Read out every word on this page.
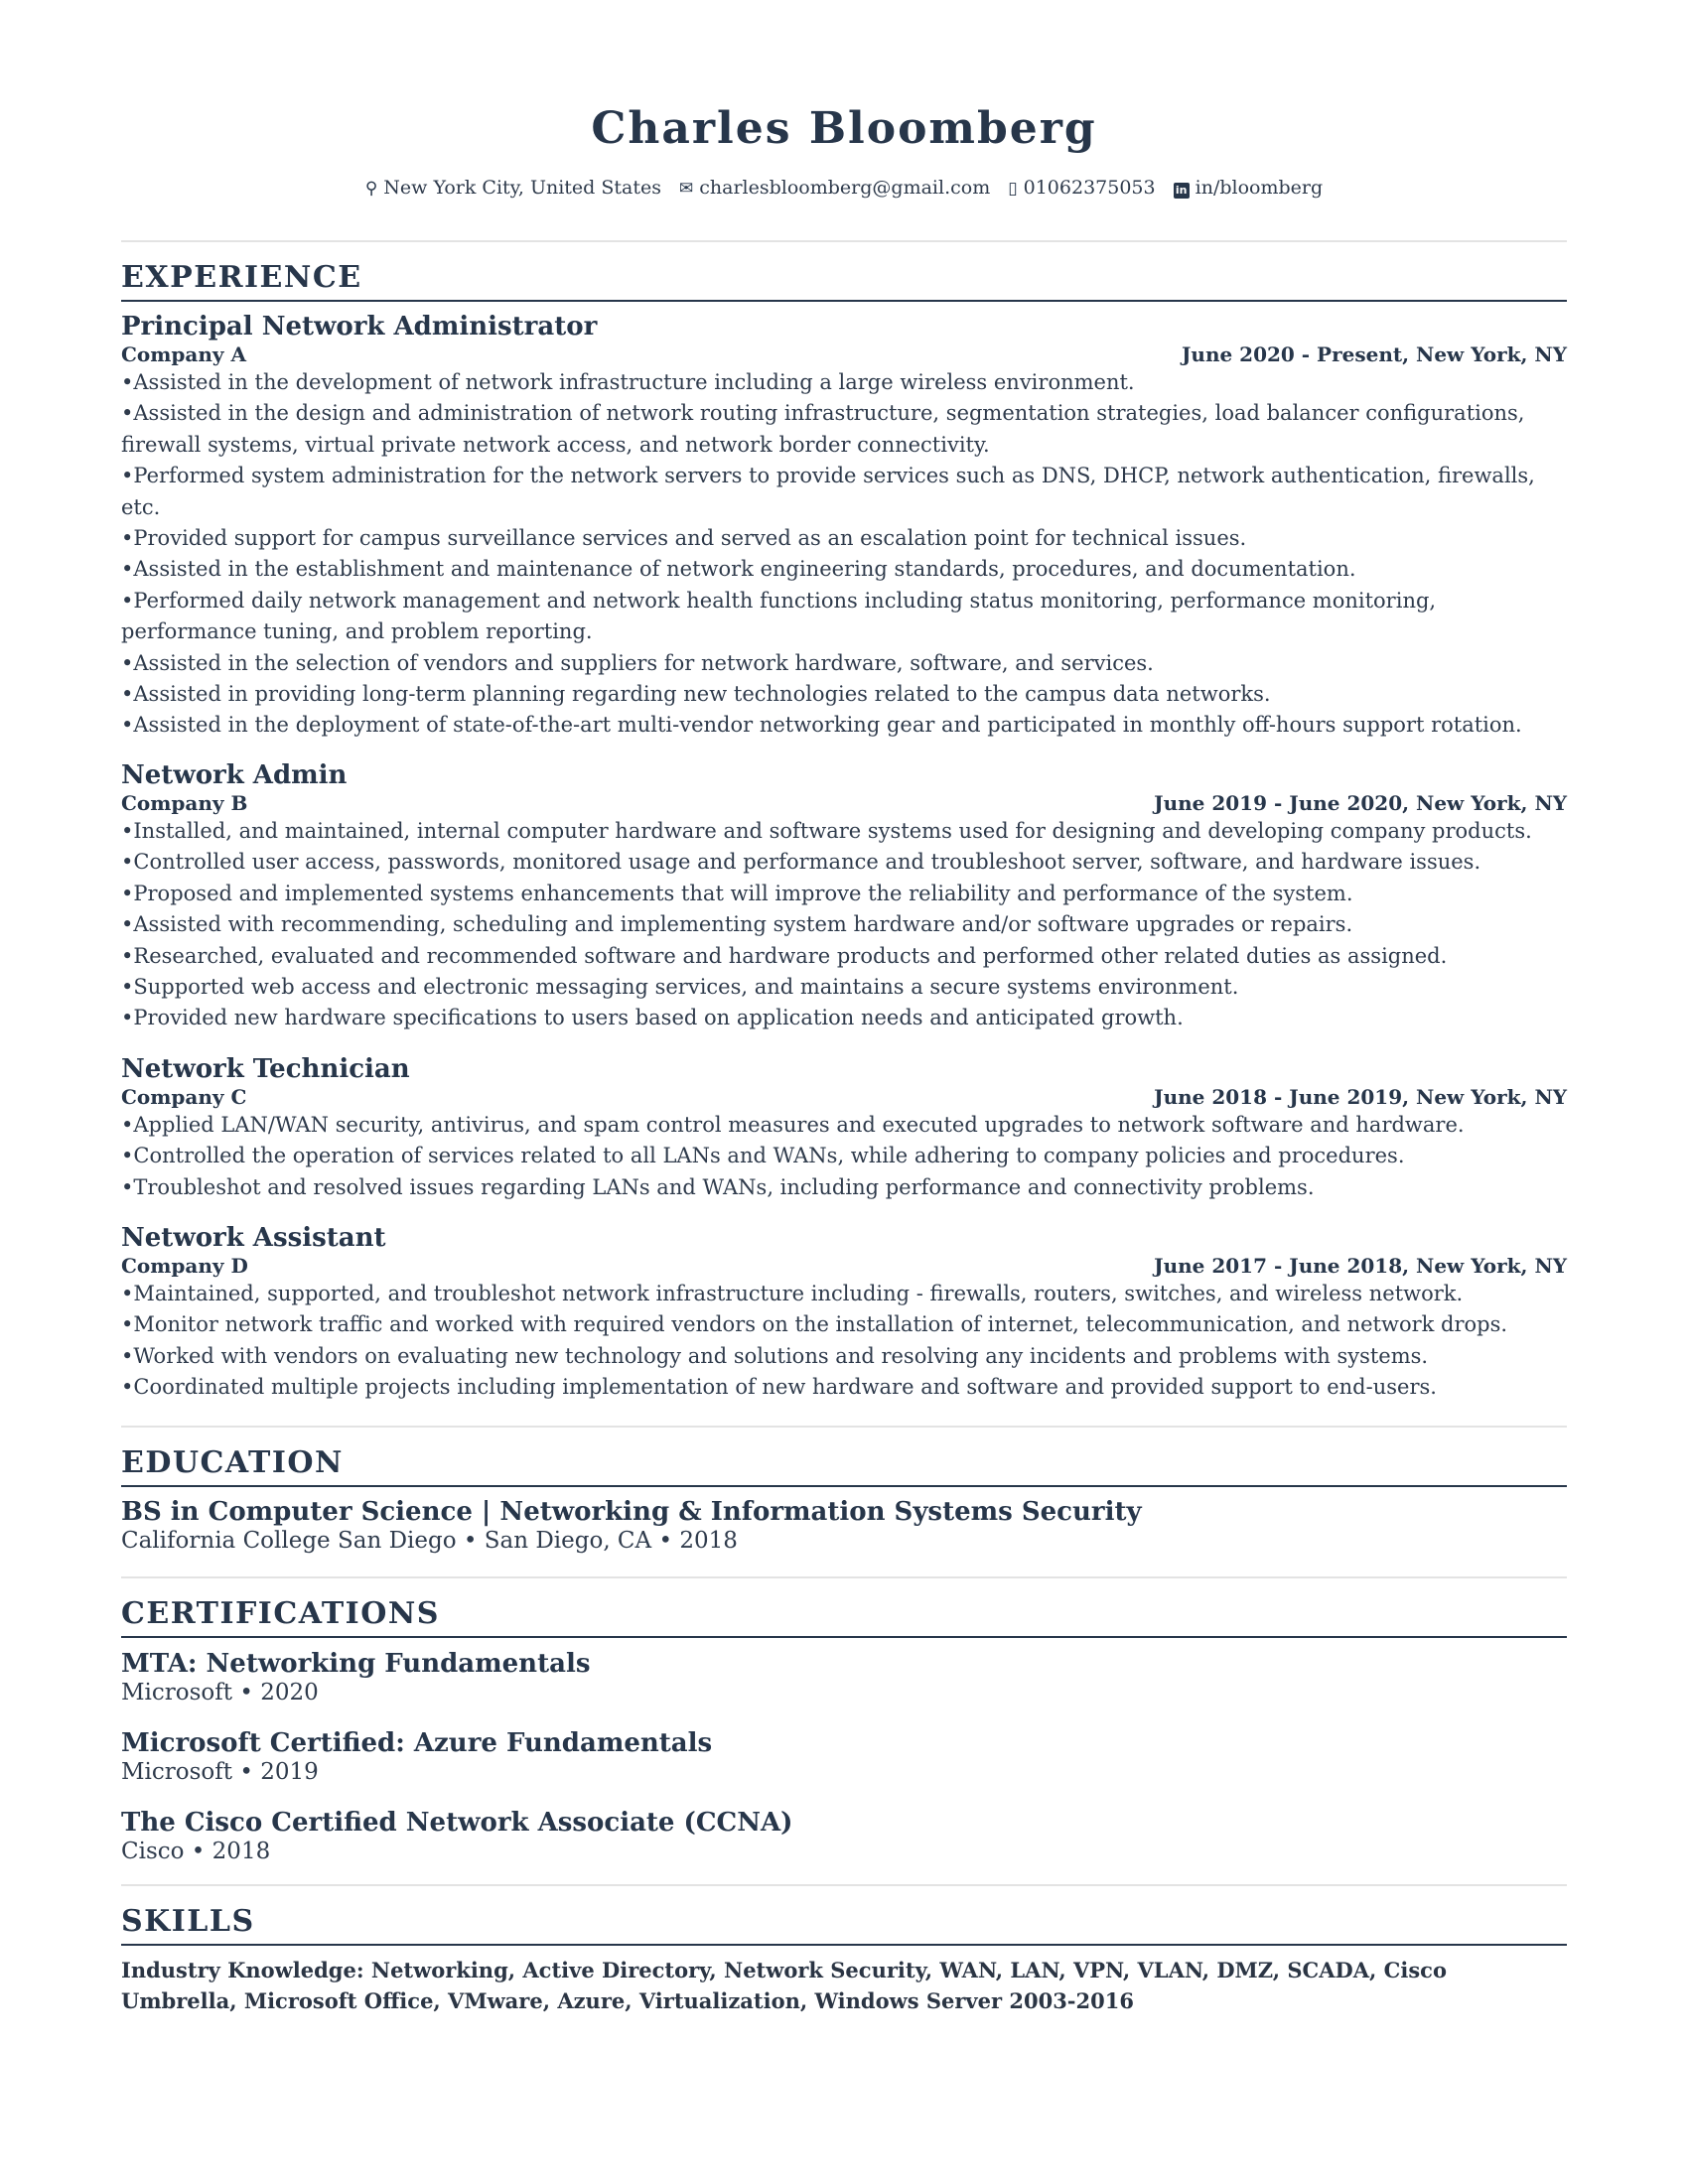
Charles Bloomberg
⚲ New York City, United States ✉ charlesbloomberg@gmail.com ▯ 01062375053 in in/bloomberg
EXPERIENCE
Principal Network Administrator
Company A	June 2020 - Present, New York, NY
• Assisted in the development of network infrastructure including a large wireless environment.
• Assisted in the design and administration of network routing infrastructure, segmentation strategies, load balancer configurations, firewall systems, virtual private network access, and network border connectivity.
• Performed system administration for the network servers to provide services such as DNS, DHCP, network authentication, firewalls, etc.
• Provided support for campus surveillance services and served as an escalation point for technical issues.
• Assisted in the establishment and maintenance of network engineering standards, procedures, and documentation.
• Performed daily network management and network health functions including status monitoring, performance monitoring, performance tuning, and problem reporting.
• Assisted in the selection of vendors and suppliers for network hardware, software, and services.
• Assisted in providing long-term planning regarding new technologies related to the campus data networks.
• Assisted in the deployment of state-of-the-art multi-vendor networking gear and participated in monthly off-hours support rotation.
Network Admin
Company B	June 2019 - June 2020, New York, NY
• Installed, and maintained, internal computer hardware and software systems used for designing and developing company products.
• Controlled user access, passwords, monitored usage and performance and troubleshoot server, software, and hardware issues.
• Proposed and implemented systems enhancements that will improve the reliability and performance of the system.
• Assisted with recommending, scheduling and implementing system hardware and/or software upgrades or repairs.
• Researched, evaluated and recommended software and hardware products and performed other related duties as assigned.
• Supported web access and electronic messaging services, and maintains a secure systems environment.
• Provided new hardware specifications to users based on application needs and anticipated growth.
Network Technician
Company C	June 2018 - June 2019, New York, NY
• Applied LAN/WAN security, antivirus, and spam control measures and executed upgrades to network software and hardware.
• Controlled the operation of services related to all LANs and WANs, while adhering to company policies and procedures.
• Troubleshot and resolved issues regarding LANs and WANs, including performance and connectivity problems.
Network Assistant
Company D	June 2017 - June 2018, New York, NY
• Maintained, supported, and troubleshot network infrastructure including - firewalls, routers, switches, and wireless network.
• Monitor network traffic and worked with required vendors on the installation of internet, telecommunication, and network drops.
• Worked with vendors on evaluating new technology and solutions and resolving any incidents and problems with systems.
• Coordinated multiple projects including implementation of new hardware and software and provided support to end-users.
EDUCATION
BS in Computer Science | Networking & Information Systems Security
California College San Diego • San Diego, CA • 2018
CERTIFICATIONS
MTA: Networking Fundamentals
Microsoft • 2020
Microsoft Certified: Azure Fundamentals
Microsoft • 2019
The Cisco Certified Network Associate (CCNA)
Cisco • 2018
SKILLS
Industry Knowledge: Networking, Active Directory, Network Security, WAN, LAN, VPN, VLAN, DMZ, SCADA, Cisco Umbrella, Microsoft Office, VMware, Azure, Virtualization, Windows Server 2003-2016
